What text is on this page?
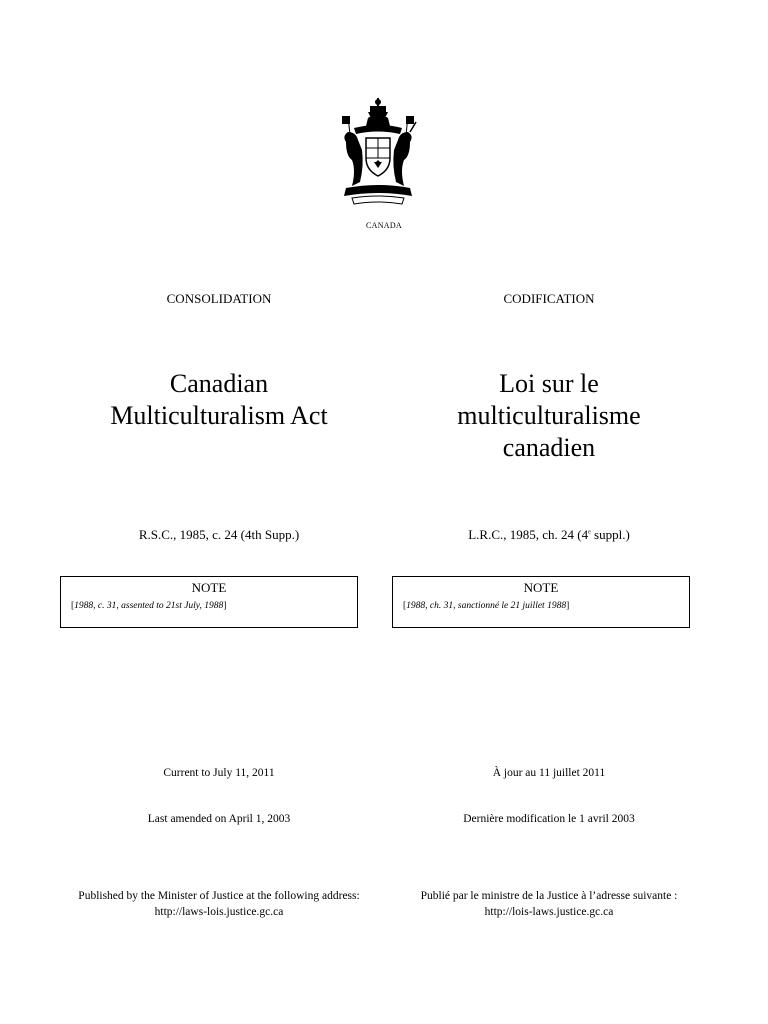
CANADA
CONSOLIDATION
Canadian
Multiculturalism Act
R.S.C., 1985, c. 24 (4th Supp.)
NOTE
[1988, c. 31, assented to 21st July, 1988]
Current to July 11, 2011
Last amended on April 1, 2003
Published by the Minister of Justice at the following address:
http://laws-lois.justice.gc.ca
CODIFICATION
Loi sur le
multiculturalisme
canadien
L.R.C., 1985, ch. 24 (4e suppl.)
NOTE
[1988, ch. 31, sanctionné le 21 juillet 1988]
À jour au 11 juillet 2011
Dernière modification le 1 avril 2003
Publié par le ministre de la Justice à l’adresse suivante :
http://lois-laws.justice.gc.ca
